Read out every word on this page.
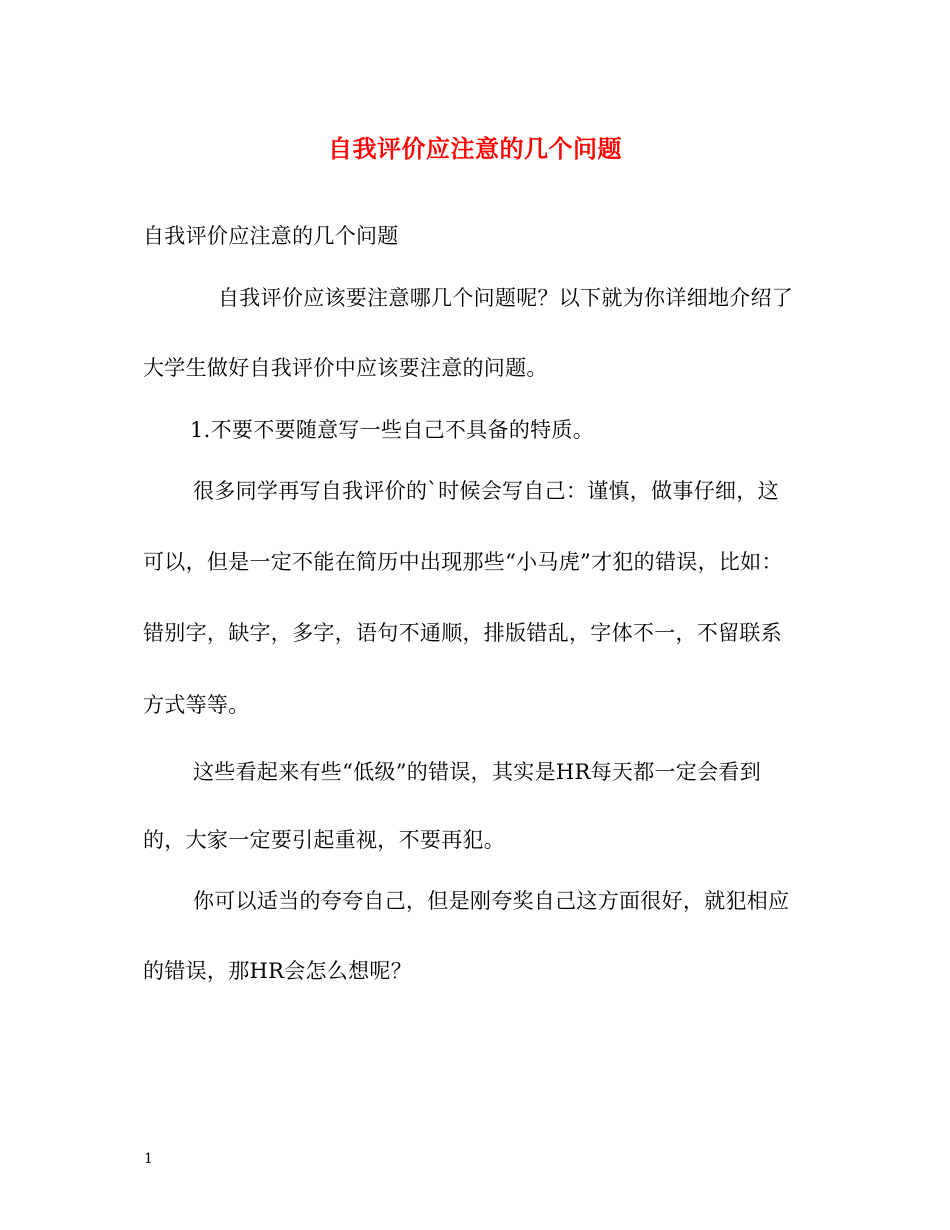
自我评价应注意的几个问题
自我评价应注意的几个问题
自我评价应该要注意哪几个问题呢？以下就为你详细地介绍了
大学生做好自我评价中应该要注意的问题。
1.不要不要随意写一些自己不具备的特质。
很多同学再写自我评价的`时候会写自己：谨慎，做事仔细，这
可以，但是一定不能在简历中出现那些“小马虎”才犯的错误，比如：
错别字，缺字，多字，语句不通顺，排版错乱，字体不一，不留联系
方式等等。
这些看起来有些“低级”的错误，其实是HR每天都一定会看到
的，大家一定要引起重视，不要再犯。
你可以适当的夸夸自己，但是刚夸奖自己这方面很好，就犯相应
的错误，那HR会怎么想呢？
1
